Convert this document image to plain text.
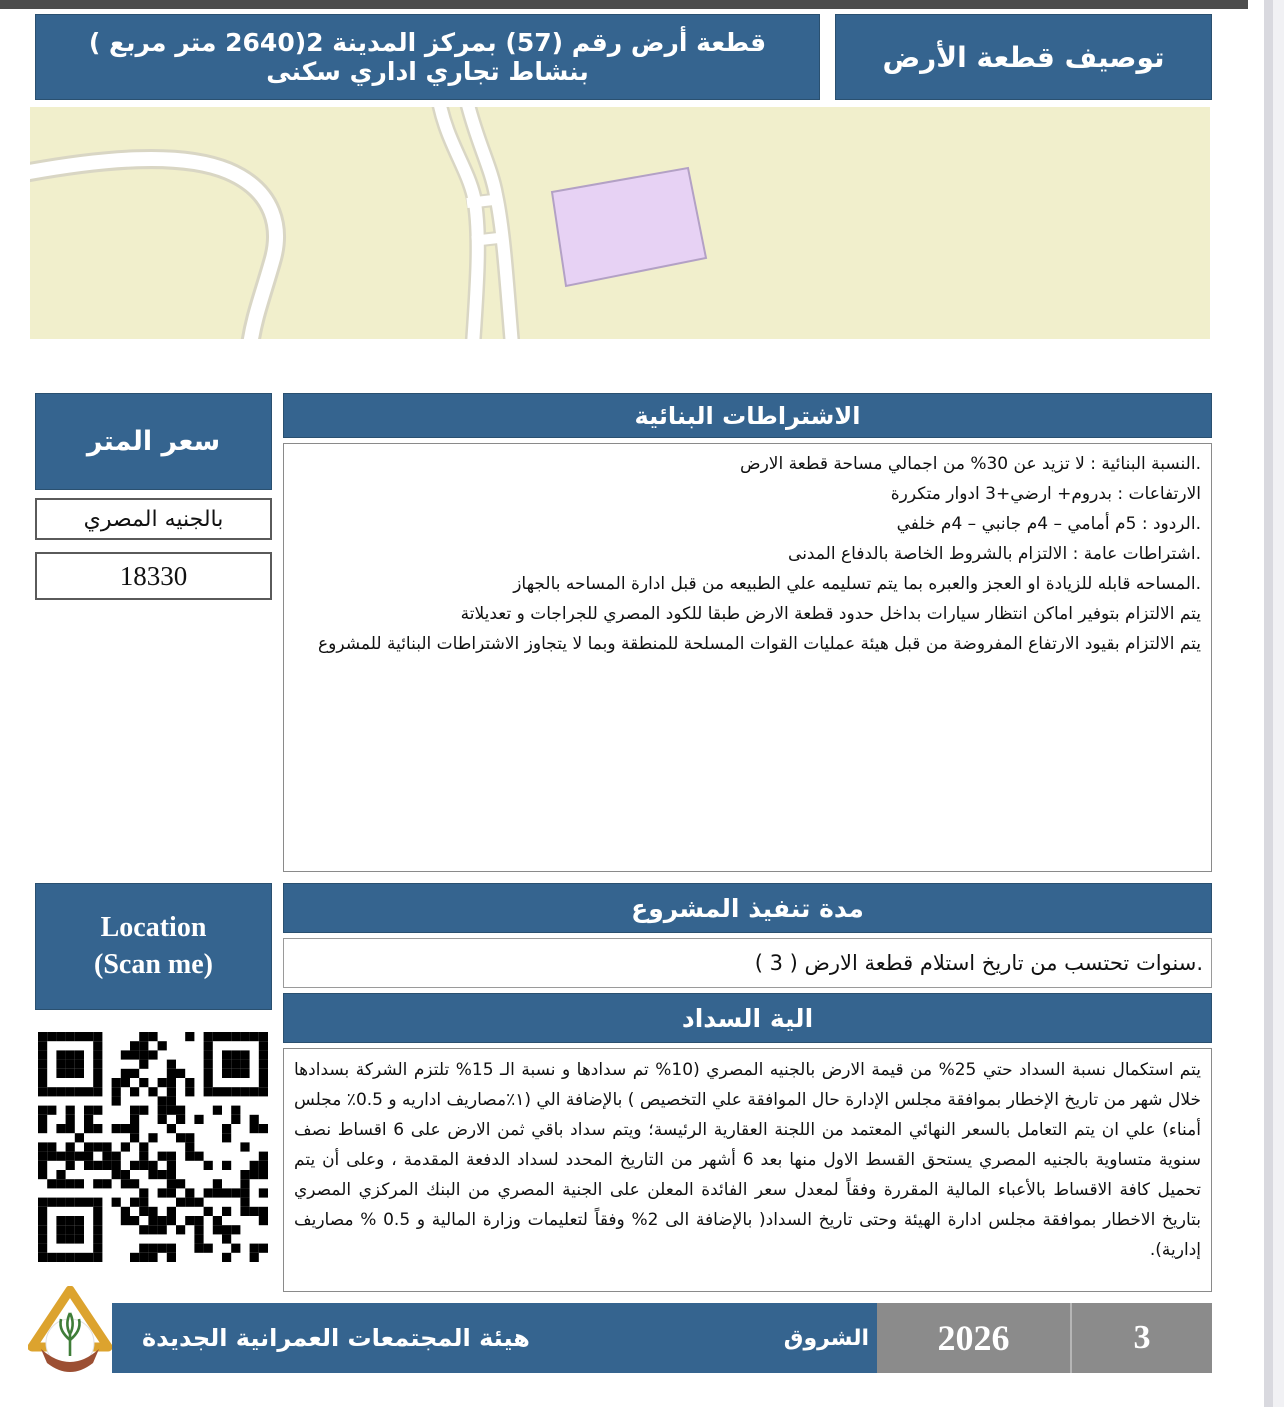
قطعة أرض رقم (57) بمركز المدينة 2(2640 متر مربع ) بنشاط تجاري اداري سكنى	توصيف قطعة الأرض
سعر المتر
بالجنيه المصري
18330
الاشتراطات البنائية
.النسبة البنائية : لا تزيد عن 30% من اجمالي مساحة قطعة الارض
الارتفاعات : بدروم+ ارضي+3 ادوار متكررة
.الردود : 5م أمامي – 4م جانبي – 4م خلفي
.اشتراطات عامة : الالتزام بالشروط الخاصة بالدفاع المدنى
.المساحه قابله للزيادة او العجز والعبره بما يتم تسليمه علي الطبيعه من قبل ادارة المساحه بالجهاز
يتم الالتزام بتوفير اماكن انتظار سيارات بداخل حدود قطعة الارض طبقا للكود المصري للجراجات و تعديلاتة
يتم الالتزام بقيود الارتفاع المفروضة من قبل هيئة عمليات القوات المسلحة للمنطقة وبما لا يتجاوز الاشتراطات البنائية للمشروع
Location
(Scan me)
مدة تنفيذ المشروع
.سنوات تحتسب من تاريخ استلام قطعة الارض ( 3 )
الية السداد
يتم استكمال نسبة السداد حتي 25% من قيمة الارض بالجنيه المصري (10% تم سدادها و نسبة الـ 15% تلتزم الشركة بسدادها خلال شهر من تاريخ الإخطار بموافقة مجلس الإدارة حال الموافقة علي التخصيص ) بالإضافة الي (١٪مصاريف اداريه و 0.5٪ مجلس أمناء) علي ان يتم التعامل بالسعر النهائي المعتمد من اللجنة العقارية الرئيسة؛ ويتم سداد باقي ثمن الارض على 6 اقساط نصف سنوية متساوية بالجنيه المصري يستحق القسط الاول منها بعد 6 أشهر من التاريخ المحدد لسداد الدفعة المقدمة ، وعلى أن يتم تحميل كافة الاقساط بالأعباء المالية المقررة وفقاً لمعدل سعر الفائدة المعلن على الجنية المصري من البنك المركزي المصري بتاريخ الاخطار بموافقة مجلس ادارة الهيئة وحتى تاريخ السداد( بالإضافة الى 2% وفقاً لتعليمات وزارة المالية و 0.5 % مصاريف إدارية).
هيئة المجتمعات العمرانية الجديدة	الشروق	2026	3
